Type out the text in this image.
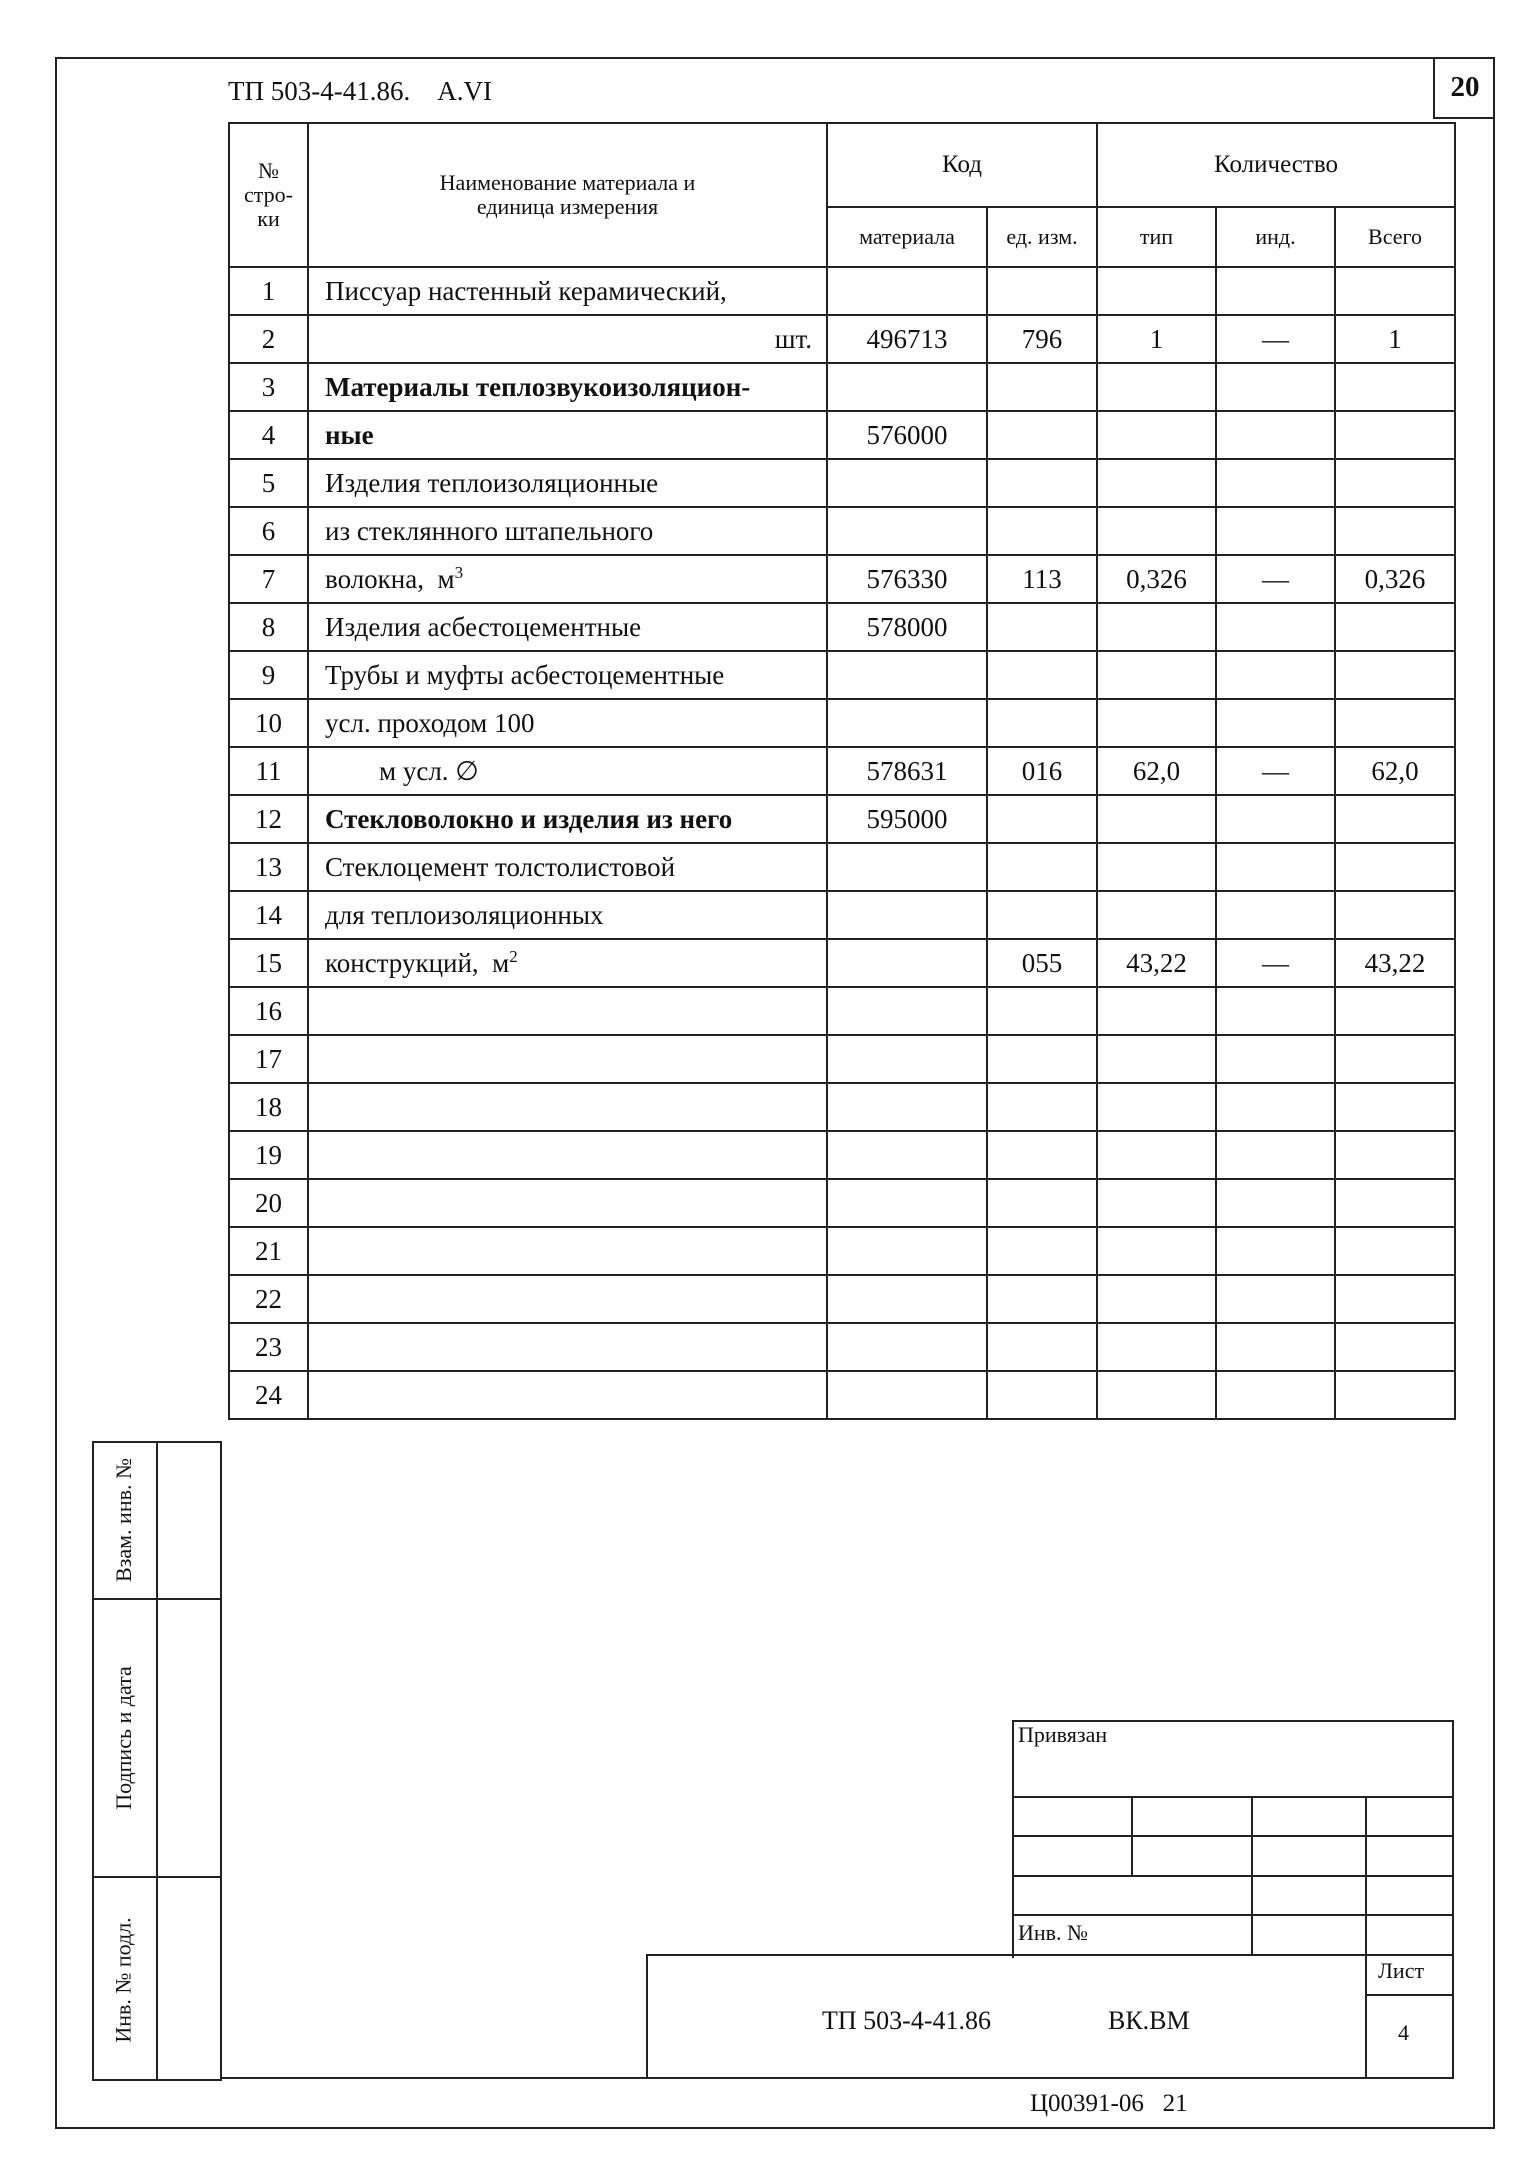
ТП 503-4-41.86.    A.VI	20
№ стро- ки	Наименование материала и единица измерения	Код		Количество		
		материала	ед. изм.	тип	инд.	Всего
1	Писсуар настенный керамический,					
2	шт.	496713	796	1	—	1
3	Материалы теплозвукоизоляцион-					
4	ные	576000				
5	Изделия теплоизоляционные					
6	из стеклянного штапельного					
7	волокна,  $м^3$	576330	113	0,326	—	0,326
8	Изделия асбестоцементные	578000				
9	Трубы и муфты асбестоцементные					
10	усл. проходом 100					
11	м усл. ∅	578631	016	62,0	—	62,0
12	Стекловолокно и изделия из него	595000				
13	Стеклоцемент толстолистовой					
14	для теплоизоляционных					
15	конструкций,  $м^2$		055	43,22	—	43,22
16						
17						
18						
19						
20						
21						
22						
23						
24						
Взам. инв. №
Подпись и дата
Инв. № подл.
Привязан
Инв. №
Лист
4
ТП 503-4-41.86	ВК.ВМ
Ц00391-06   21
